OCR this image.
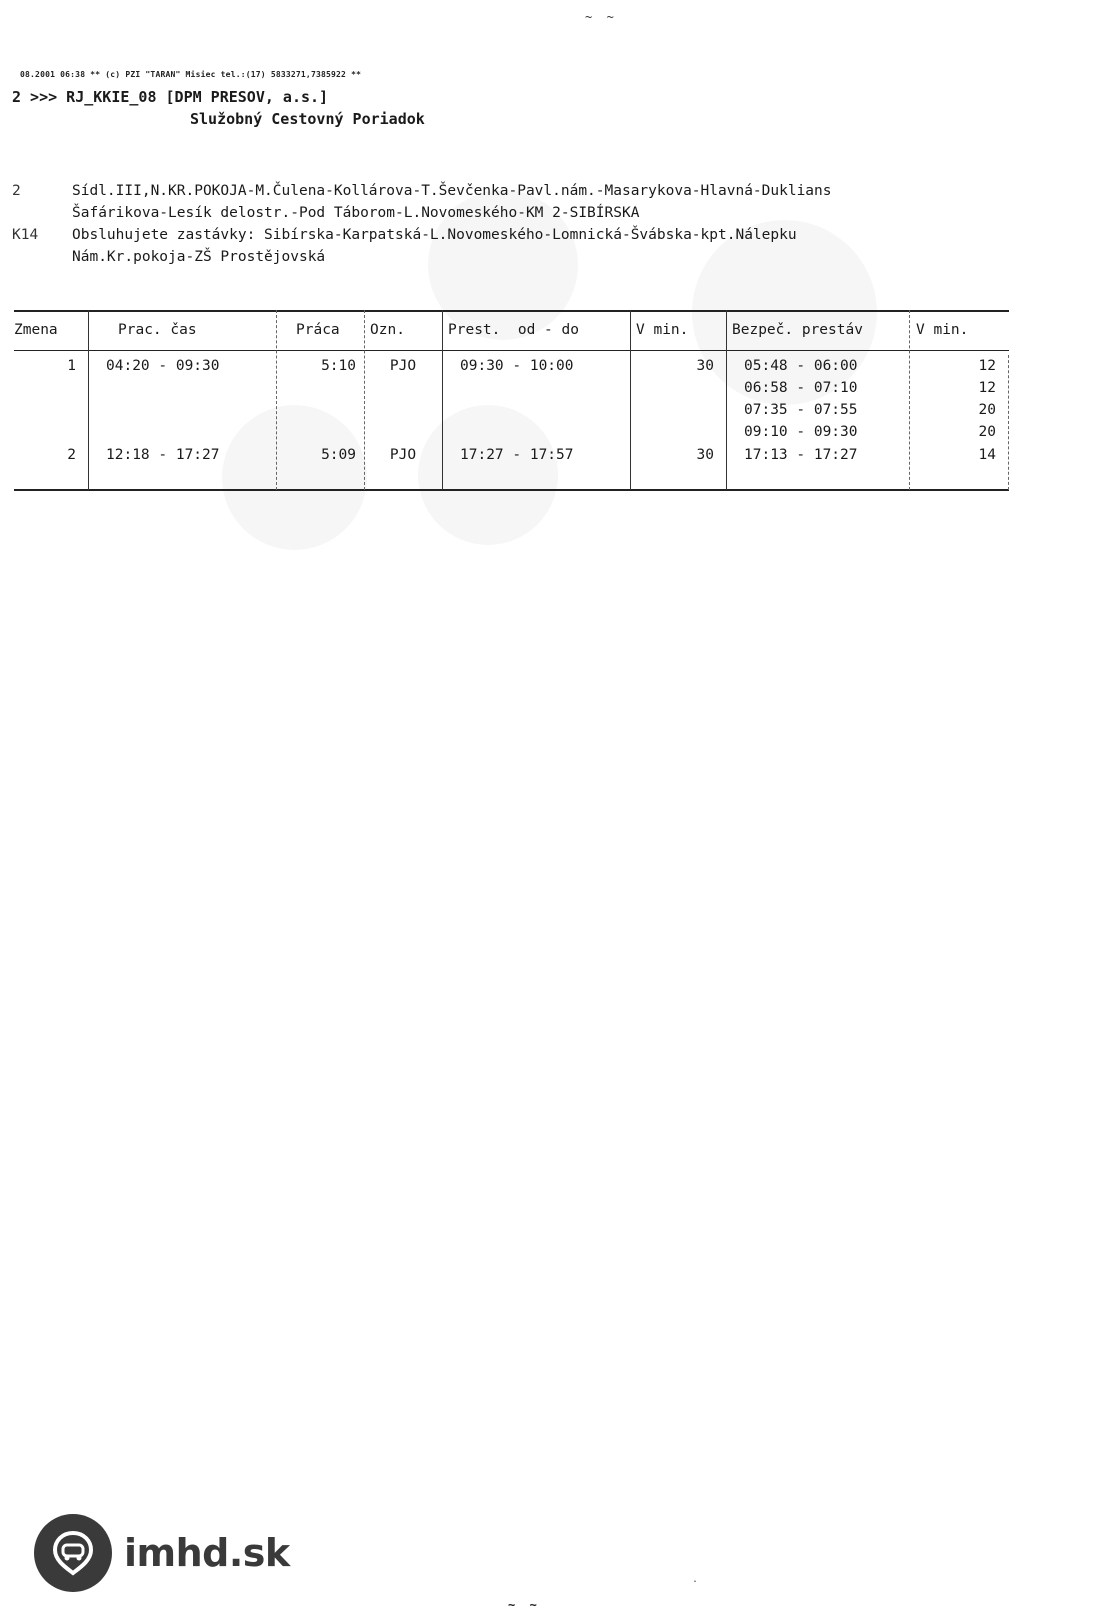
~  ~
08.2001 06:38 ** (c) PZI "TARAN" Misiec tel.:(17) 5833271,7385922 **
2 >>> RJ_KKIE_08 [DPM PRESOV, a.s.]
Služobný Cestovný Poriadok
2	Sídl.III,N.KR.POKOJA-M.Čulena-Kollárova-T.Ševčenka-Pavl.nám.-Masarykova-Hlavná-Duklians
Šafárikova-Lesík delostr.-Pod Táborom-L.Novomeského-KM 2-SIBÍRSKA
K14	Obsluhujete zastávky: Sibírska-Karpatská-L.Novomeského-Lomnická-Švábska-kpt.Nálepku
Nám.Kr.pokoja-ZŠ Prostějovská
Zmena	Prac. čas	Práca Ozn.	Prest.  od - do	V min.	Bezpeč. prestáv	V min.
1 04:20 - 09:30	5:10	PJO	09:30 - 10:00	30 05:48 - 06:00	12
06:58 - 07:10	12
07:35 - 07:55	20
09:10 - 09:30	20
2 12:18 - 17:27	5:09	PJO	17:27 - 17:57	30 17:13 - 17:27	14
imhd.sk
.
~  ~
